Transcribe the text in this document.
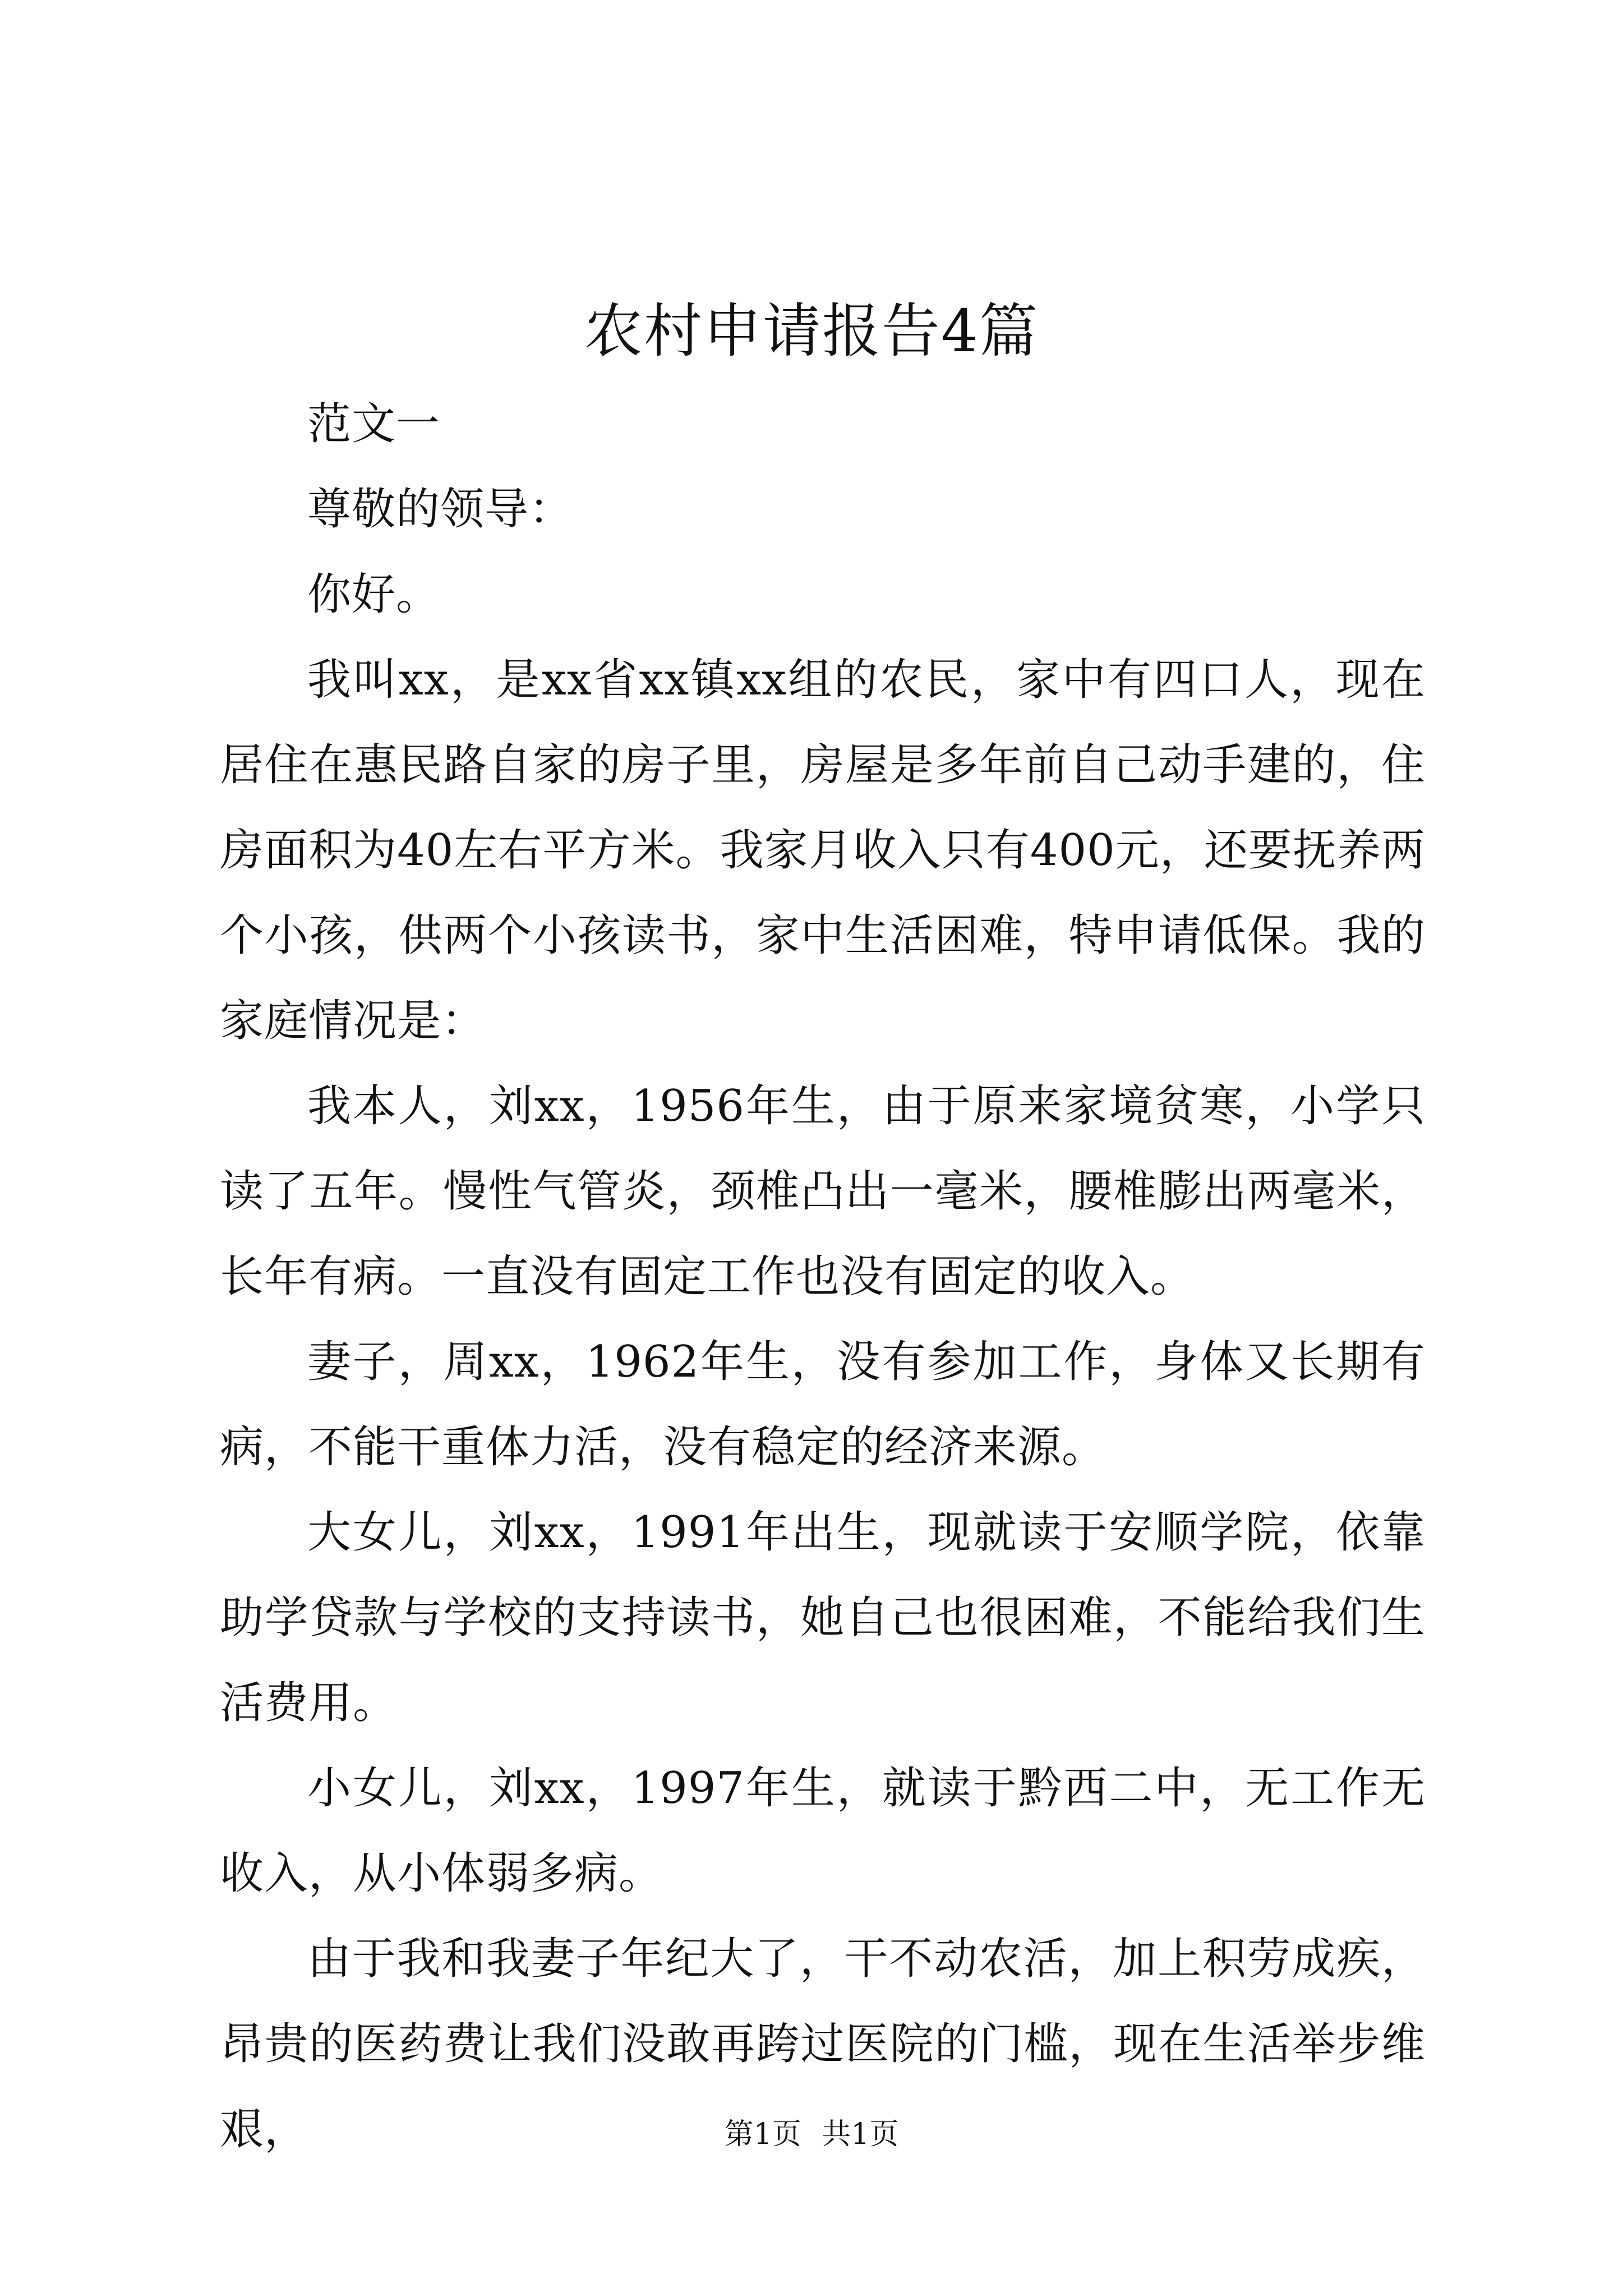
农村申请报告4篇

范文一

尊敬的领导：

你好。

我叫xx，是xx省xx镇xx组的农民，家中有四口人，现在居住在惠民路自家的房子里，房屋是多年前自己动手建的，住房面积为40左右平方米。我家月收入只有400元，还要抚养两个小孩，供两个小孩读书，家中生活困难，特申请低保。我的家庭情况是：

我本人，刘xx，1956年生，由于原来家境贫寒，小学只读了五年。慢性气管炎，颈椎凸出一毫米，腰椎膨出两毫米，长年有病。一直没有固定工作也没有固定的收入。

妻子，周xx，1962年生，没有参加工作，身体又长期有病，不能干重体力活，没有稳定的经济来源。

大女儿，刘xx，1991年出生，现就读于安顺学院，依靠助学贷款与学校的支持读书，她自己也很困难，不能给我们生活费用。

小女儿，刘xx，1997年生，就读于黔西二中，无工作无收入，从小体弱多病。

由于我和我妻子年纪大了，干不动农活，加上积劳成疾，昂贵的医药费让我们没敢再跨过医院的门槛，现在生活举步维艰，	第1页 共1页
